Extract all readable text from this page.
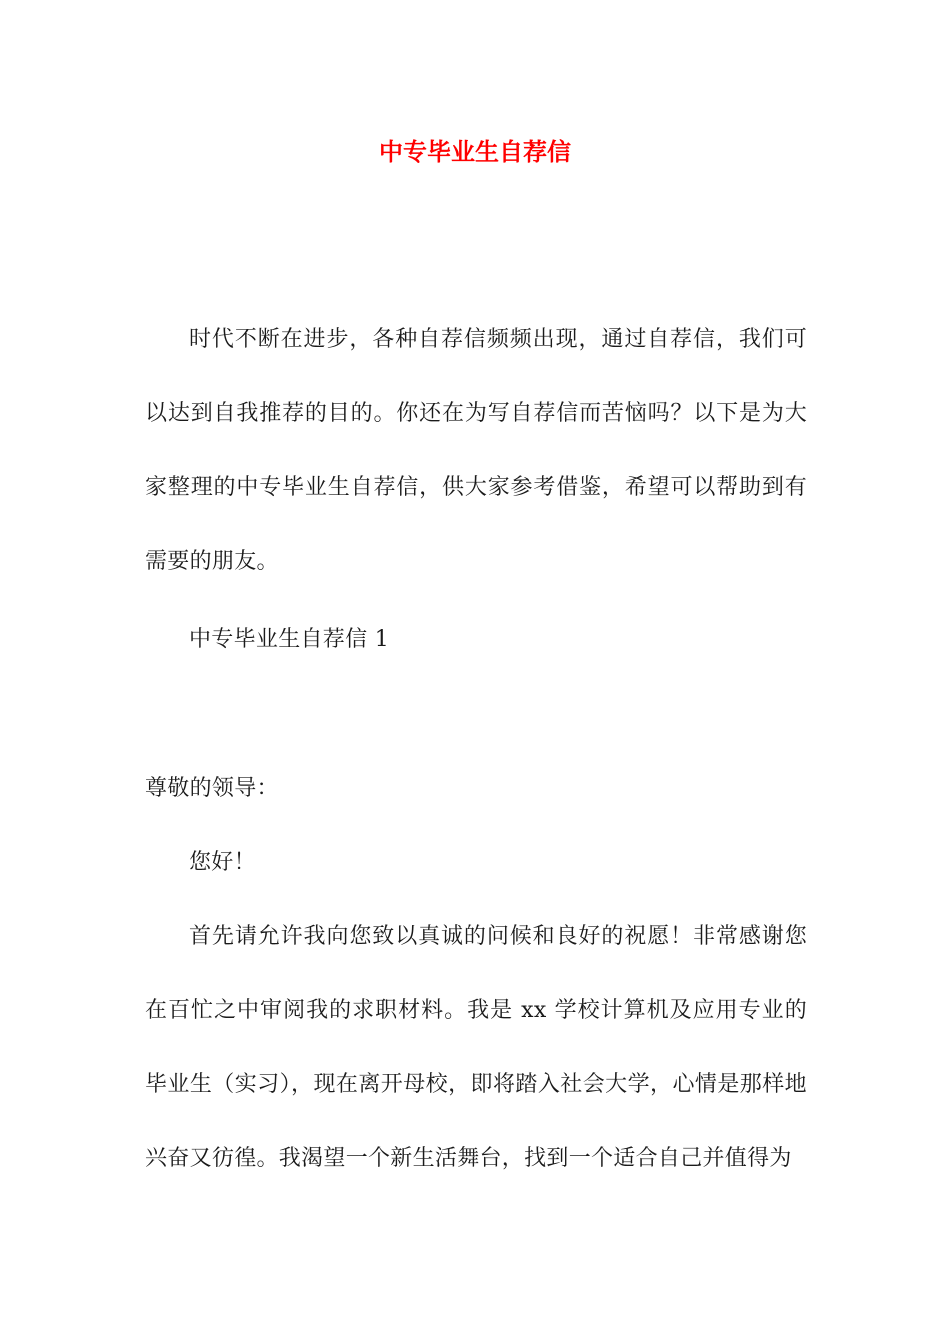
中专毕业生自荐信

时代不断在进步，各种自荐信频频出现，通过自荐信，我们可以达到自我推荐的目的。你还在为写自荐信而苦恼吗？以下是为大家整理的中专毕业生自荐信，供大家参考借鉴，希望可以帮助到有需要的朋友。

中专毕业生自荐信 1

尊敬的领导：

您好！

首先请允许我向您致以真诚的问候和良好的祝愿！非常感谢您在百忙之中审阅我的求职材料。我是 xx 学校计算机及应用专业的毕业生（实习），现在离开母校，即将踏入社会大学，心情是那样地兴奋又彷徨。我渴望一个新生活舞台，找到一个适合自己并值得为
